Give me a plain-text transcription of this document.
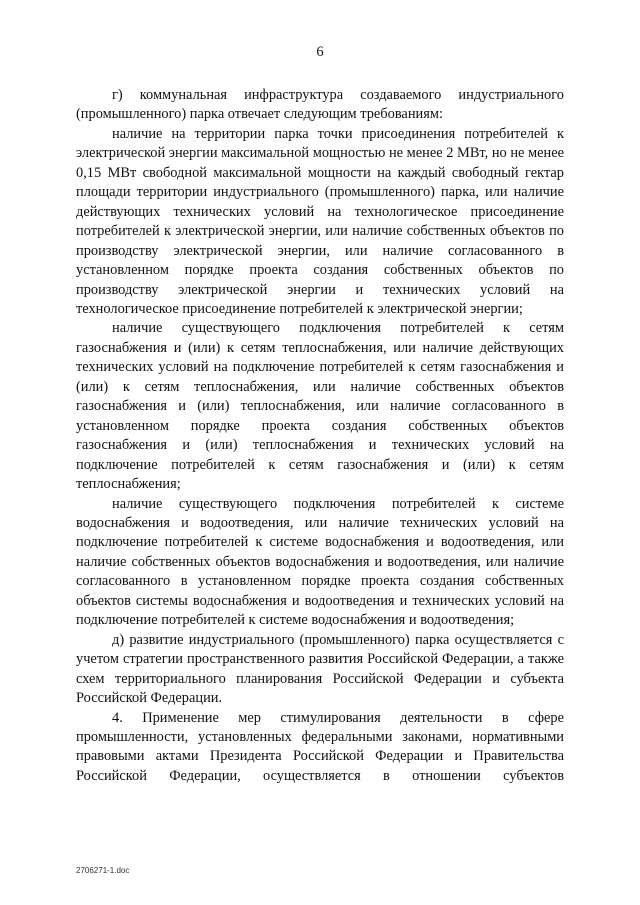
6

г) коммунальная инфраструктура создаваемого индустриального (промышленного) парка отвечает следующим требованиям:

наличие на территории парка точки присоединения потребителей к электрической энергии максимальной мощностью не менее 2 МВт, но не менее 0,15 МВт свободной максимальной мощности на каждый свободный гектар площади территории индустриального (промышленного) парка, или наличие действующих технических условий на технологическое присоединение потребителей к электрической энергии, или наличие собственных объектов по производству электрической энергии, или наличие согласованного в установленном порядке проекта создания собственных объектов по производству электрической энергии и технических условий на технологическое присоединение потребителей к электрической энергии;

наличие существующего подключения потребителей к сетям газоснабжения и (или) к сетям теплоснабжения, или наличие действующих технических условий на подключение потребителей к сетям газоснабжения и (или) к сетям теплоснабжения, или наличие собственных объектов газоснабжения и (или) теплоснабжения, или наличие согласованного в установленном порядке проекта создания собственных объектов газоснабжения и (или) теплоснабжения и технических условий на подключение потребителей к сетям газоснабжения и (или) к сетям теплоснабжения;

наличие существующего подключения потребителей к системе водоснабжения и водоотведения, или наличие технических условий на подключение потребителей к системе водоснабжения и водоотведения, или наличие собственных объектов водоснабжения и водоотведения, или наличие согласованного в установленном порядке проекта создания собственных объектов системы водоснабжения и водоотведения и технических условий на подключение потребителей к системе водоснабжения и водоотведения;

д) развитие индустриального (промышленного) парка осуществляется с учетом стратегии пространственного развития Российской Федерации, а также схем территориального планирования Российской Федерации и субъекта Российской Федерации.

4. Применение мер стимулирования деятельности в сфере промышленности, установленных федеральными законами, нормативными правовыми актами Президента Российской Федерации и Правительства Российской Федерации, осуществляется в отношении субъектов

2706271-1.doc
